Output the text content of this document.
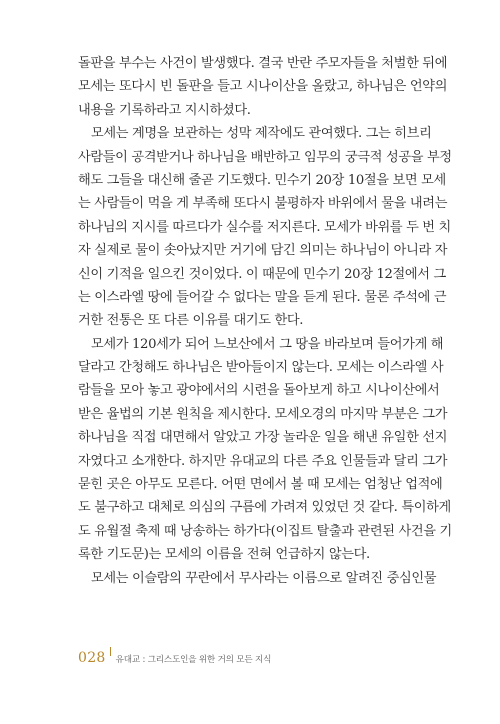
돌판을 부수는 사건이 발생했다. 결국 반란 주모자들을 처벌한 뒤에
모세는 또다시 빈 돌판을 들고 시나이산을 올랐고, 하나님은 언약의
내용을 기록하라고 지시하셨다.
모세는 계명을 보관하는 성막 제작에도 관여했다. 그는 히브리
사람들이 공격받거나 하나님을 배반하고 임무의 궁극적 성공을 부정
해도 그들을 대신해 줄곧 기도했다. 민수기 20장 10절을 보면 모세
는 사람들이 먹을 게 부족해 또다시 불평하자 바위에서 물을 내려는
하나님의 지시를 따르다가 실수를 저지른다. 모세가 바위를 두 번 치
자 실제로 물이 솟아났지만 거기에 담긴 의미는 하나님이 아니라 자
신이 기적을 일으킨 것이었다. 이 때문에 민수기 20장 12절에서 그
는 이스라엘 땅에 들어갈 수 없다는 말을 듣게 된다. 물론 주석에 근
거한 전통은 또 다른 이유를 대기도 한다.
모세가 120세가 되어 느보산에서 그 땅을 바라보며 들어가게 해
달라고 간청해도 하나님은 받아들이지 않는다. 모세는 이스라엘 사
람들을 모아 놓고 광야에서의 시련을 돌아보게 하고 시나이산에서
받은 율법의 기본 원칙을 제시한다. 모세오경의 마지막 부분은 그가
하나님을 직접 대면해서 알았고 가장 놀라운 일을 해낸 유일한 선지
자였다고 소개한다. 하지만 유대교의 다른 주요 인물들과 달리 그가
묻힌 곳은 아무도 모른다. 어떤 면에서 볼 때 모세는 엄청난 업적에
도 불구하고 대체로 의심의 구름에 가려져 있었던 것 같다. 특이하게
도 유월절 축제 때 낭송하는 하가다(이집트 탈출과 관련된 사건을 기
록한 기도문)는 모세의 이름을 전혀 언급하지 않는다.
모세는 이슬람의 꾸란에서 무사라는 이름으로 알려진 중심인물
028 유대교 : 그리스도인을 위한 거의 모든 지식
